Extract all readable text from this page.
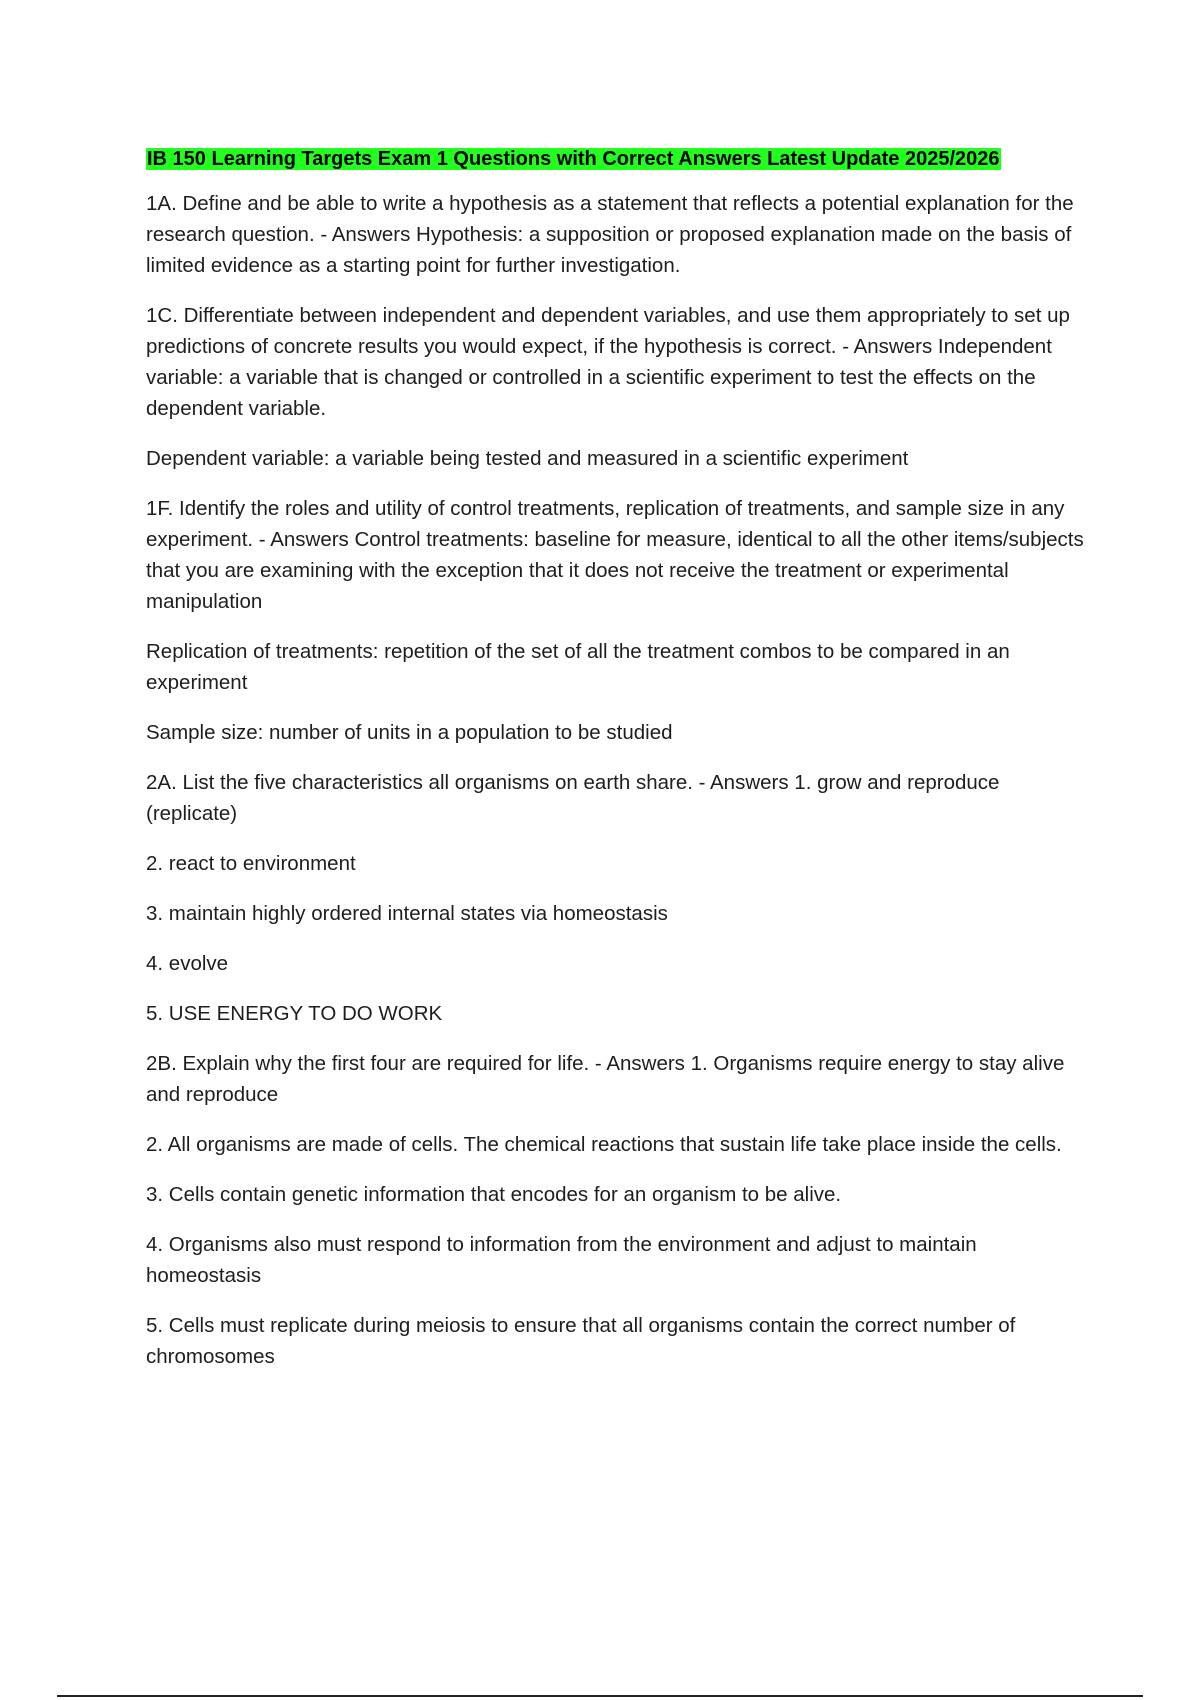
IB 150 Learning Targets Exam 1 Questions with Correct Answers Latest Update 2025/2026

1A. Define and be able to write a hypothesis as a statement that reflects a potential explanation for the research question. - Answers Hypothesis: a supposition or proposed explanation made on the basis of limited evidence as a starting point for further investigation.

1C. Differentiate between independent and dependent variables, and use them appropriately to set up predictions of concrete results you would expect, if the hypothesis is correct. - Answers Independent variable: a variable that is changed or controlled in a scientific experiment to test the effects on the dependent variable.

Dependent variable: a variable being tested and measured in a scientific experiment

1F. Identify the roles and utility of control treatments, replication of treatments, and sample size in any experiment. - Answers Control treatments: baseline for measure, identical to all the other items/subjects that you are examining with the exception that it does not receive the treatment or experimental manipulation

Replication of treatments: repetition of the set of all the treatment combos to be compared in an experiment

Sample size: number of units in a population to be studied

2A. List the five characteristics all organisms on earth share. - Answers 1. grow and reproduce (replicate)

2. react to environment

3. maintain highly ordered internal states via homeostasis

4. evolve

5. USE ENERGY TO DO WORK

2B. Explain why the first four are required for life. - Answers 1. Organisms require energy to stay alive and reproduce

2. All organisms are made of cells. The chemical reactions that sustain life take place inside the cells.

3. Cells contain genetic information that encodes for an organism to be alive.

4. Organisms also must respond to information from the environment and adjust to maintain homeostasis

5. Cells must replicate during meiosis to ensure that all organisms contain the correct number of chromosomes
